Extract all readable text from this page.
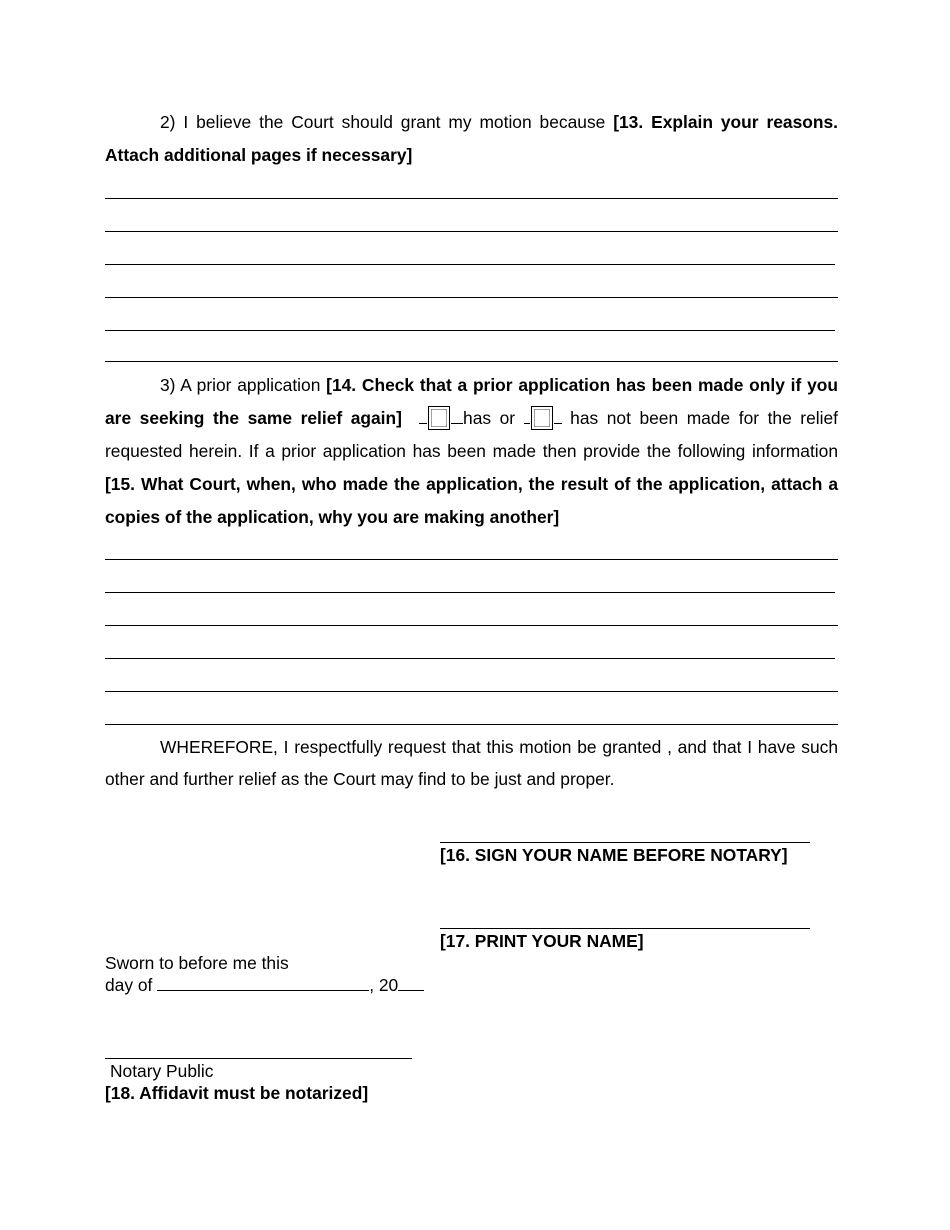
2) I believe the Court should grant my motion because [13. Explain your reasons. Attach additional pages if necessary]
3) A prior application [14. Check that a prior application has been made only if you are seeking the same relief again]	has or	has not been made for the relief requested herein. If a prior application has been made then provide the following information [15. What Court, when, who made the application, the result of the application, attach a copies of the application, why you are making another]
WHEREFORE, I respectfully request that this motion be granted , and that I have such other and further relief as the Court may find to be just and proper.
[16. SIGN YOUR NAME BEFORE NOTARY]
[17. PRINT YOUR NAME]
Sworn to before me this
day of	, 20
Notary Public
[18. Affidavit must be notarized]
